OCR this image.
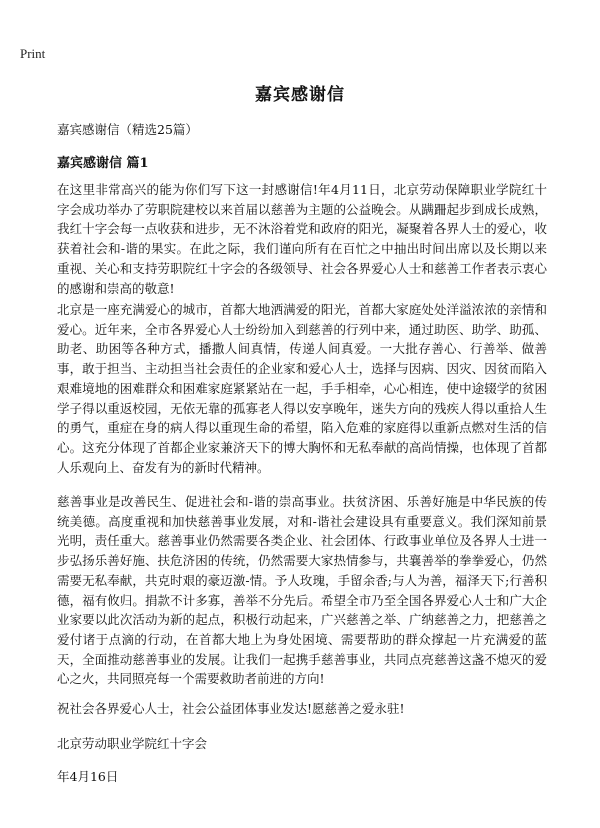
Print
嘉宾感谢信

嘉宾感谢信（精选25篇）

嘉宾感谢信 篇1

在这里非常高兴的能为你们写下这一封感谢信!年4月11日，北京劳动保障职业学院红十字会成功举办了劳职院建校以来首届以慈善为主题的公益晚会。从蹒跚起步到成长成熟，我红十字会每一点收获和进步，无不沐浴着党和政府的阳光，凝聚着各界人士的爱心，收获着社会和-谐的果实。在此之际，我们谨向所有在百忙之中抽出时间出席以及长期以来重视、关心和支持劳职院红十字会的各级领导、社会各界爱心人士和慈善工作者表示衷心的感谢和崇高的敬意!

北京是一座充满爱心的城市，首都大地洒满爱的阳光，首都大家庭处处洋溢浓浓的亲情和爱心。近年来，全市各界爱心人士纷纷加入到慈善的行列中来，通过助医、助学、助孤、助老、助困等各种方式，播撒人间真情，传递人间真爱。一大批存善心、行善举、做善事，敢于担当、主动担当社会责任的企业家和爱心人士，选择与因病、因灾、因贫而陷入艰难境地的困难群众和困难家庭紧紧站在一起，手手相牵，心心相连，使中途辍学的贫困学子得以重返校园，无依无靠的孤寡老人得以安享晚年，迷失方向的残疾人得以重拾人生的勇气，重症在身的病人得以重现生命的希望，陷入危难的家庭得以重新点燃对生活的信心。这充分体现了首都企业家兼济天下的博大胸怀和无私奉献的高尚情操，也体现了首都人乐观向上、奋发有为的新时代精神。

慈善事业是改善民生、促进社会和-谐的崇高事业。扶贫济困、乐善好施是中华民族的传统美德。高度重视和加快慈善事业发展，对和-谐社会建设具有重要意义。我们深知前景光明，责任重大。慈善事业仍然需要各类企业、社会团体、行政事业单位及各界人士进一步弘扬乐善好施、扶危济困的传统，仍然需要大家热情参与，共襄善举的拳拳爱心，仍然需要无私奉献，共克时艰的豪迈激-情。予人玫瑰，手留余香;与人为善，福泽天下;行善积德，福有攸归。捐款不计多寡，善举不分先后。希望全市乃至全国各界爱心人士和广大企业家要以此次活动为新的起点，积极行动起来，广兴慈善之举、广纳慈善之力，把慈善之爱付诸于点滴的行动，在首都大地上为身处困境、需要帮助的群众撑起一片充满爱的蓝天，全面推动慈善事业的发展。让我们一起携手慈善事业，共同点亮慈善这盏不熄灭的爱心之火，共同照亮每一个需要救助者前进的方向!

祝社会各界爱心人士，社会公益团体事业发达!愿慈善之爱永驻!

北京劳动职业学院红十字会

年4月16日
